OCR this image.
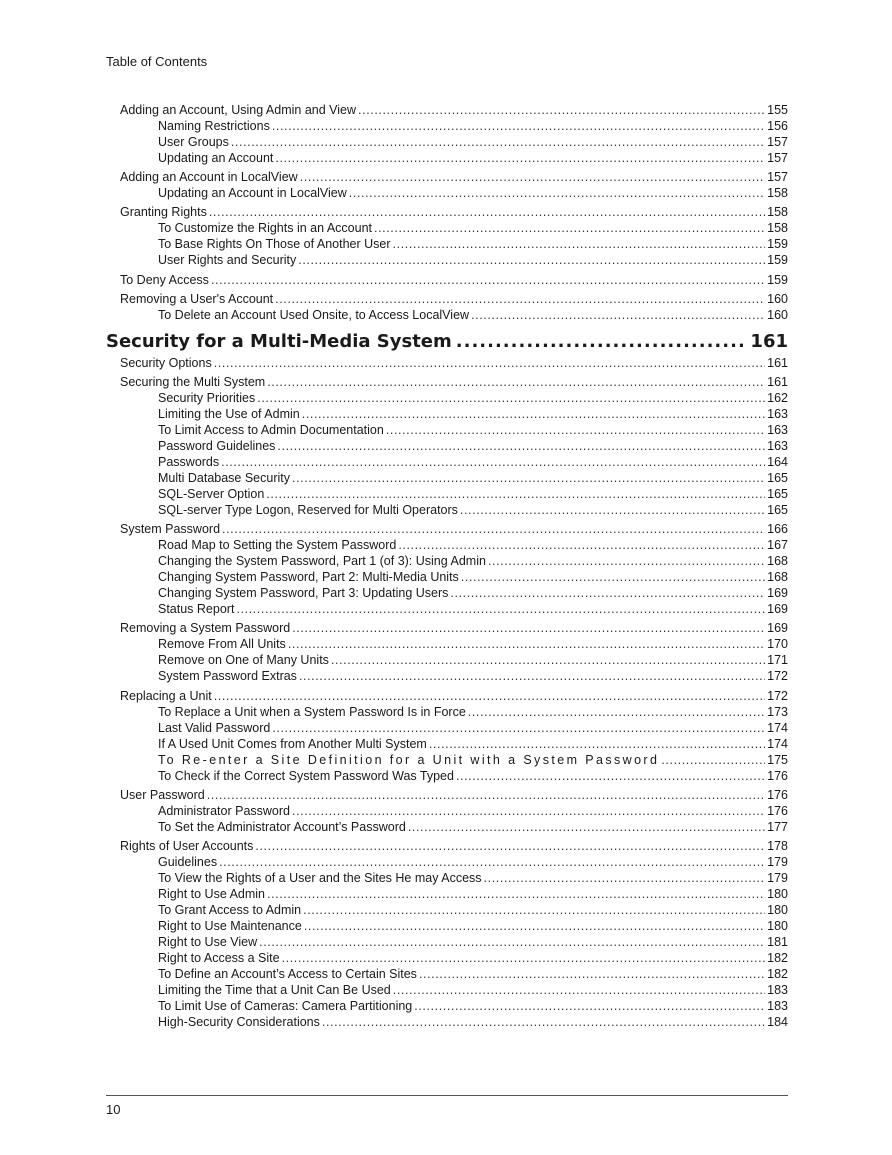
Table of Contents
Adding an Account, Using Admin and View .....	155
Naming Restrictions .....	156
User Groups .....	157
Updating an Account .....	157
Adding an Account in LocalView .....	157
Updating an Account in LocalView .....	158
Granting Rights .....	158
To Customize the Rights in an Account .....	158
To Base Rights On Those of Another User .....	159
User Rights and Security .....	159
To Deny Access .....	159
Removing a User's Account .....	160
To Delete an Account Used Onsite, to Access LocalView .....	160
Security for a Multi-Media System .....	161
Security Options .....	161
Securing the Multi System .....	161
Security Priorities .....	162
Limiting the Use of Admin .....	163
To Limit Access to Admin Documentation .....	163
Password Guidelines .....	163
Passwords .....	164
Multi Database Security .....	165
SQL-Server Option .....	165
SQL-server Type Logon, Reserved for Multi Operators .....	165
System Password .....	166
Road Map to Setting the System Password .....	167
Changing the System Password, Part 1 (of 3): Using Admin .....	168
Changing System Password, Part 2: Multi-Media Units .....	168
Changing System Password, Part 3: Updating Users .....	169
Status Report .....	169
Removing a System Password .....	169
Remove From All Units .....	170
Remove on One of Many Units .....	171
System Password Extras .....	172
Replacing a Unit .....	172
To Replace a Unit when a System Password Is in Force .....	173
Last Valid Password .....	174
If A Used Unit Comes from Another Multi System .....	174
To Re-enter a Site Definition for a Unit with a System Password .....	175
To Check if the Correct System Password Was Typed .....	176
User Password .....	176
Administrator Password .....	176
To Set the Administrator Account’s Password .....	177
Rights of User Accounts .....	178
Guidelines .....	179
To View the Rights of a User and the Sites He may Access .....	179
Right to Use Admin .....	180
To Grant Access to Admin .....	180
Right to Use Maintenance .....	180
Right to Use View .....	181
Right to Access a Site .....	182
To Define an Account’s Access to Certain Sites .....	182
Limiting the Time that a Unit Can Be Used .....	183
To Limit Use of Cameras: Camera Partitioning .....	183
High-Security Considerations .....	184
10
